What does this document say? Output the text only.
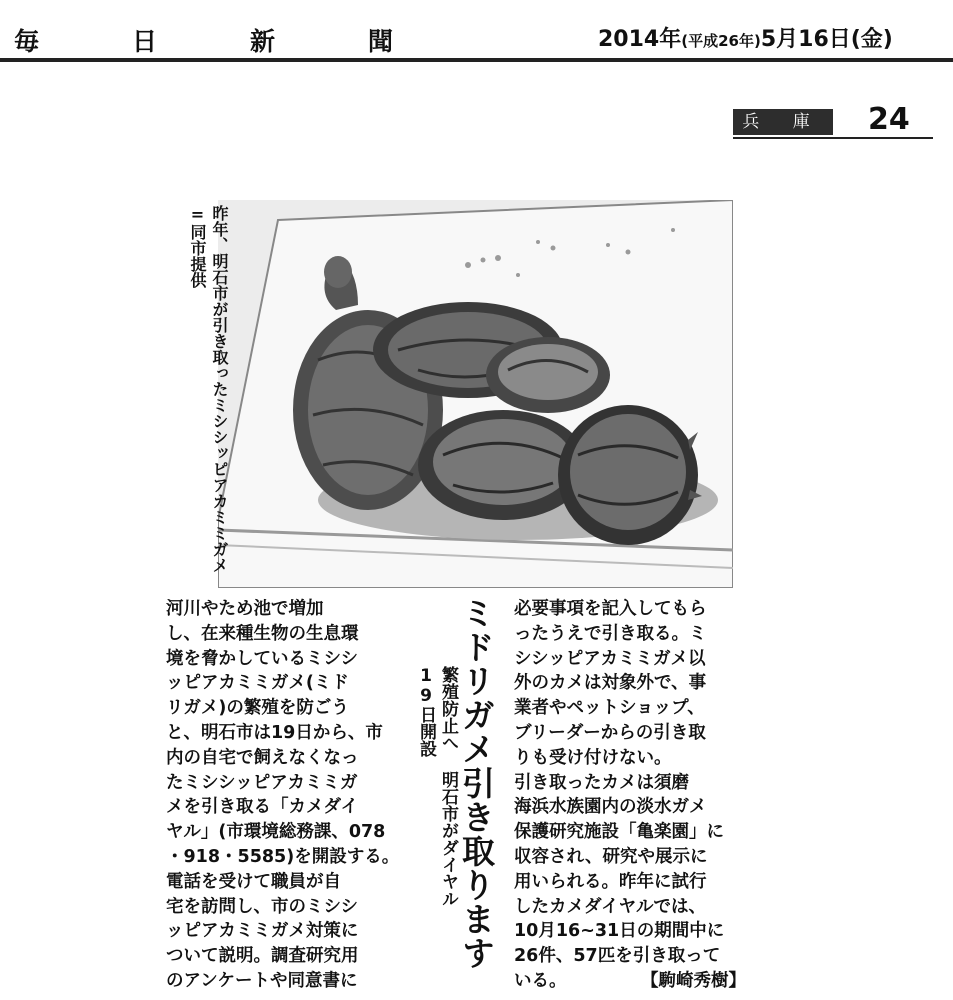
毎	日	新	聞	2014年(平成26年)5月16日(金)
兵 庫	24
昨年、明石市が引き取ったミシシッピアカミミガメ
=同市提供
ミドリガメ引き取ります
繁殖防止へ 明石市がダイヤル
19日開設
河川やため池で増加
し、在来種生物の生息環
境を脅かしているミシシ
ッピアカミミガメ(ミド
リガメ)の繁殖を防ごう
と、明石市は19日から、市
内の自宅で飼えなくなっ
たミシシッピアカミミガ
メを引き取る「カメダイ
ヤル」(市環境総務課、078
・918・5585)を開設する。
電話を受けて職員が自
宅を訪問し、市のミシシ
ッピアカミミガメ対策に
ついて説明。調査研究用
のアンケートや同意書に
必要事項を記入してもら
ったうえで引き取る。ミ
シシッピアカミミガメ以
外のカメは対象外で、事
業者やペットショップ、
ブリーダーからの引き取
りも受け付けない。
引き取ったカメは須磨
海浜水族園内の淡水ガメ
保護研究施設「亀楽園」に
収容され、研究や展示に
用いられる。昨年に試行
したカメダイヤルでは、
10月16~31日の期間中に
26件、57匹を引き取って
いる。	【駒崎秀樹】
